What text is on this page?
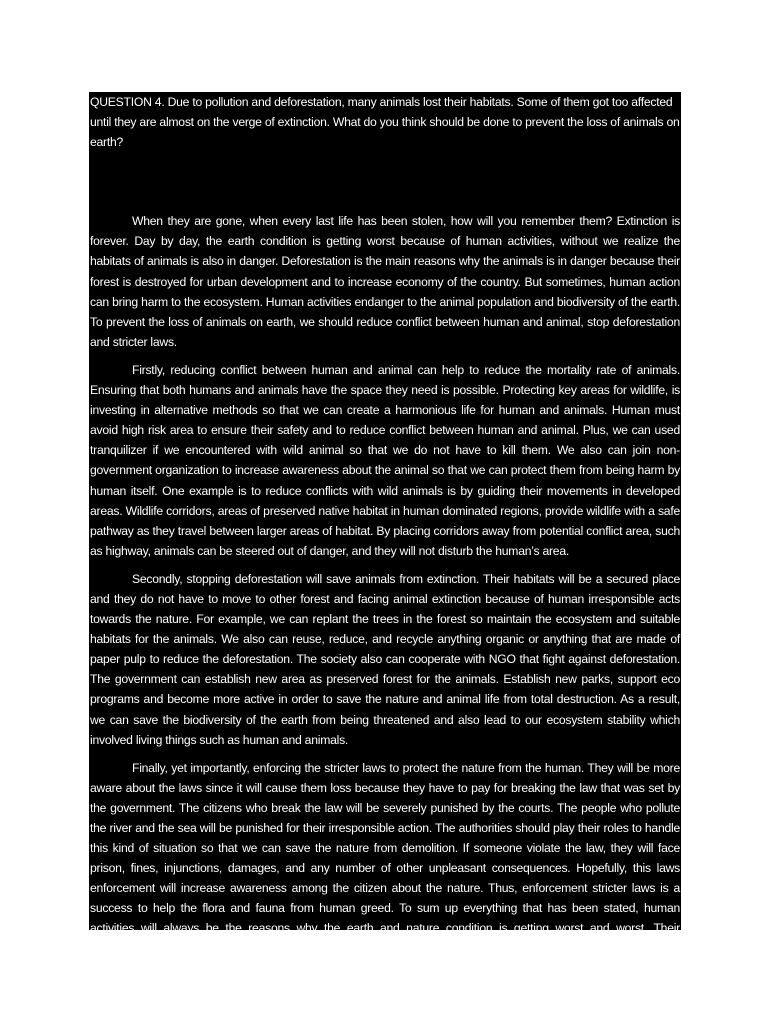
QUESTION 4. Due to pollution and deforestation, many animals lost their habitats. Some of them got too affected until they are almost on the verge of extinction. What do you think should be done to prevent the loss of animals on earth?

When they are gone, when every last life has been stolen, how will you remember them? Extinction is forever. Day by day, the earth condition is getting worst because of human activities, without we realize the habitats of animals is also in danger. Deforestation is the main reasons why the animals is in danger because their forest is destroyed for urban development and to increase economy of the country. But sometimes, human action can bring harm to the ecosystem. Human activities endanger to the animal population and biodiversity of the earth. To prevent the loss of animals on earth, we should reduce conflict between human and animal, stop deforestation and stricter laws.

Firstly, reducing conflict between human and animal can help to reduce the mortality rate of animals. Ensuring that both humans and animals have the space they need is possible. Protecting key areas for wildlife, is investing in alternative methods so that we can create a harmonious life for human and animals. Human must avoid high risk area to ensure their safety and to reduce conflict between human and animal. Plus, we can used tranquilizer if we encountered with wild animal so that we do not have to kill them. We also can join non-government organization to increase awareness about the animal so that we can protect them from being harm by human itself. One example is to reduce conflicts with wild animals is by guiding their movements in developed areas. Wildlife corridors, areas of preserved native habitat in human dominated regions, provide wildlife with a safe pathway as they travel between larger areas of habitat. By placing corridors away from potential conflict area, such as highway, animals can be steered out of danger, and they will not disturb the human’s area.

Secondly, stopping deforestation will save animals from extinction. Their habitats will be a secured place and they do not have to move to other forest and facing animal extinction because of human irresponsible acts towards the nature. For example, we can replant the trees in the forest so maintain the ecosystem and suitable habitats for the animals. We also can reuse, reduce, and recycle anything organic or anything that are made of paper pulp to reduce the deforestation. The society also can cooperate with NGO that fight against deforestation. The government can establish new area as preserved forest for the animals. Establish new parks, support eco programs and become more active in order to save the nature and animal life from total destruction. As a result, we can save the biodiversity of the earth from being threatened and also lead to our ecosystem stability which involved living things such as human and animals.

Finally, yet importantly, enforcing the stricter laws to protect the nature from the human. They will be more aware about the laws since it will cause them loss because they have to pay for breaking the law that was set by the government. The citizens who break the law will be severely punished by the courts. The people who pollute the river and the sea will be punished for their irresponsible action. The authorities should play their roles to handle this kind of situation so that we can save the nature from demolition. If someone violate the law, they will face prison, fines, injunctions, damages, and any number of other unpleasant consequences. Hopefully, this laws enforcement will increase awareness among the citizen about the nature. Thus, enforcement stricter laws is a success to help the flora and fauna from human greed. To sum up everything that has been stated, human activities will always be the reasons why the earth and nature condition is getting worst and worst. Their greediness kills the
